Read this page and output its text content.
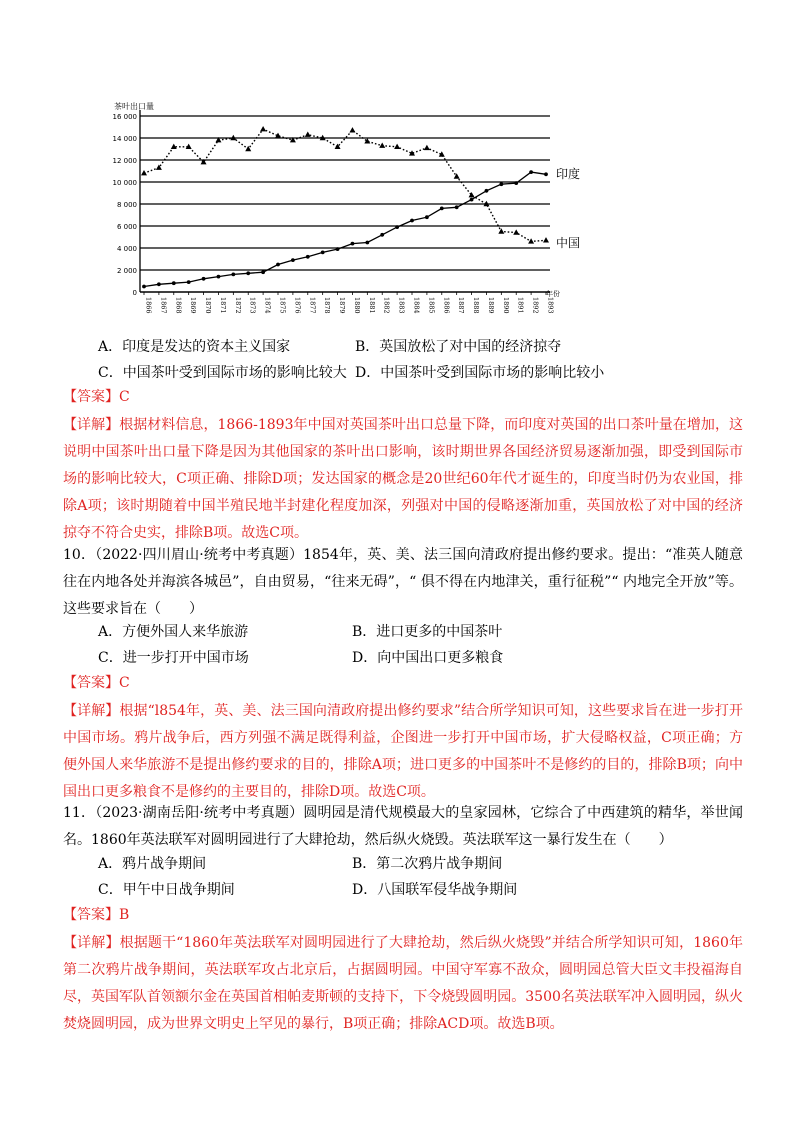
0
2 000
4 000
6 000
8 000
10 000
12 000
14 000
16 000
茶叶出口量
1866 1867 1868 1869 1870 1871 1872 1873 1874 1875 1876 1877 1878 1879 1880 1881 1882 1883 1884 1885 1886 1887 1888 1889 1890 1891 1892 1893
年份
印度
中国
A．印度是发达的资本主义国家	B．英国放松了对中国的经济掠夺
C．中国茶叶受到国际市场的影响比较大 D．中国茶叶受到国际市场的影响比较小
【答案】C
【详解】根据材料信息，1866-1893年中国对英国茶叶出口总量下降，而印度对英国的出口茶叶量在增加，这说明中国茶叶出口量下降是因为其他国家的茶叶出口影响，该时期世界各国经济贸易逐渐加强，即受到国际市场的影响比较大，C项正确、排除D项；发达国家的概念是20世纪60年代才诞生的，印度当时仍为农业国，排除A项；该时期随着中国半殖民地半封建化程度加深，列强对中国的侵略逐渐加重，英国放松了对中国的经济掠夺不符合史实，排除B项。故选C项。
10．（2022·四川眉山·统考中考真题）1854年，英、美、法三国向清政府提出修约要求。提出：“准英人随意往在内地各处并海滨各城邑”，自由贸易，“往来无碍”，“ 俱不得在内地津关，重行征税”“ 内地完全开放”等。这些要求旨在（　　）
A．方便外国人来华旅游	B．进口更多的中国茶叶
C．进一步打开中国市场	D．向中国出口更多粮食
【答案】C
【详解】根据“l854年，英、美、法三国向清政府提出修约要求”结合所学知识可知，这些要求旨在进一步打开中国市场。鸦片战争后，西方列强不满足既得利益，企图进一步打开中国市场，扩大侵略权益，C项正确；方便外国人来华旅游不是提出修约要求的目的，排除A项；进口更多的中国茶叶不是修约的目的，排除B项；向中国出口更多粮食不是修约的主要目的，排除D项。故选C项。
11．（2023·湖南岳阳·统考中考真题）圆明园是清代规模最大的皇家园林，它综合了中西建筑的精华，举世闻名。1860年英法联军对圆明园进行了大肆抢劫，然后纵火烧毁。英法联军这一暴行发生在（　　）
A．鸦片战争期间	B．第二次鸦片战争期间
C．甲午中日战争期间	D．八国联军侵华战争期间
【答案】B
【详解】根据题干“1860年英法联军对圆明园进行了大肆抢劫，然后纵火烧毁”并结合所学知识可知，1860年第二次鸦片战争期间，英法联军攻占北京后，占据圆明园。中国守军寡不敌众，圆明园总管大臣文丰投福海自尽，英国军队首领额尔金在英国首相帕麦斯顿的支持下，下令烧毁圆明园。3500名英法联军冲入圆明园，纵火焚烧圆明园，成为世界文明史上罕见的暴行，B项正确；排除ACD项。故选B项。
